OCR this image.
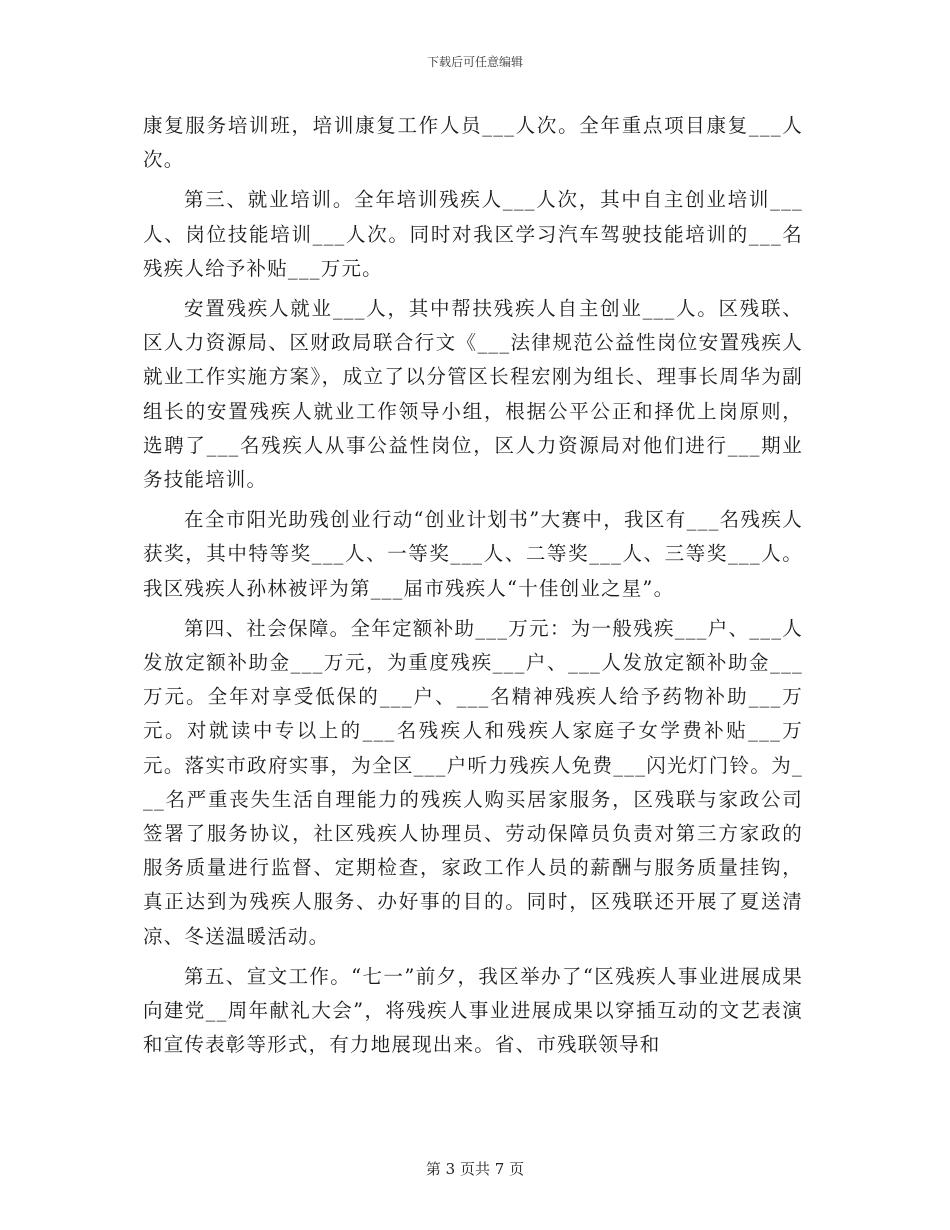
下载后可任意编辑

康复服务培训班，培训康复工作人员___人次。全年重点项目康复___人次。

第三、就业培训。全年培训残疾人___人次，其中自主创业培训___人、岗位技能培训___人次。同时对我区学习汽车驾驶技能培训的___名残疾人给予补贴___万元。

安置残疾人就业___人，其中帮扶残疾人自主创业___人。区残联、区人力资源局、区财政局联合行文《___法律规范公益性岗位安置残疾人就业工作实施方案》，成立了以分管区长程宏刚为组长、理事长周华为副组长的安置残疾人就业工作领导小组，根据公平公正和择优上岗原则，选聘了___名残疾人从事公益性岗位，区人力资源局对他们进行___期业务技能培训。

在全市阳光助残创业行动“创业计划书”大赛中，我区有___名残疾人获奖，其中特等奖___人、一等奖___人、二等奖___人、三等奖___人。我区残疾人孙林被评为第___届市残疾人“十佳创业之星”。

第四、社会保障。全年定额补助___万元：为一般残疾___户、___人发放定额补助金___万元，为重度残疾___户、___人发放定额补助金___万元。全年对享受低保的___户、___名精神残疾人给予药物补助___万元。对就读中专以上的___名残疾人和残疾人家庭子女学费补贴___万元。落实市政府实事，为全区___户听力残疾人免费___闪光灯门铃。为___名严重丧失生活自理能力的残疾人购买居家服务，区残联与家政公司签署了服务协议，社区残疾人协理员、劳动保障员负责对第三方家政的服务质量进行监督、定期检查，家政工作人员的薪酬与服务质量挂钩，真正达到为残疾人服务、办好事的目的。同时，区残联还开展了夏送清凉、冬送温暖活动。

第五、宣文工作。“七一”前夕，我区举办了“区残疾人事业进展成果向建党__周年献礼大会”，将残疾人事业进展成果以穿插互动的文艺表演和宣传表彰等形式，有力地展现出来。省、市残联领导和

第 3 页共 7 页
